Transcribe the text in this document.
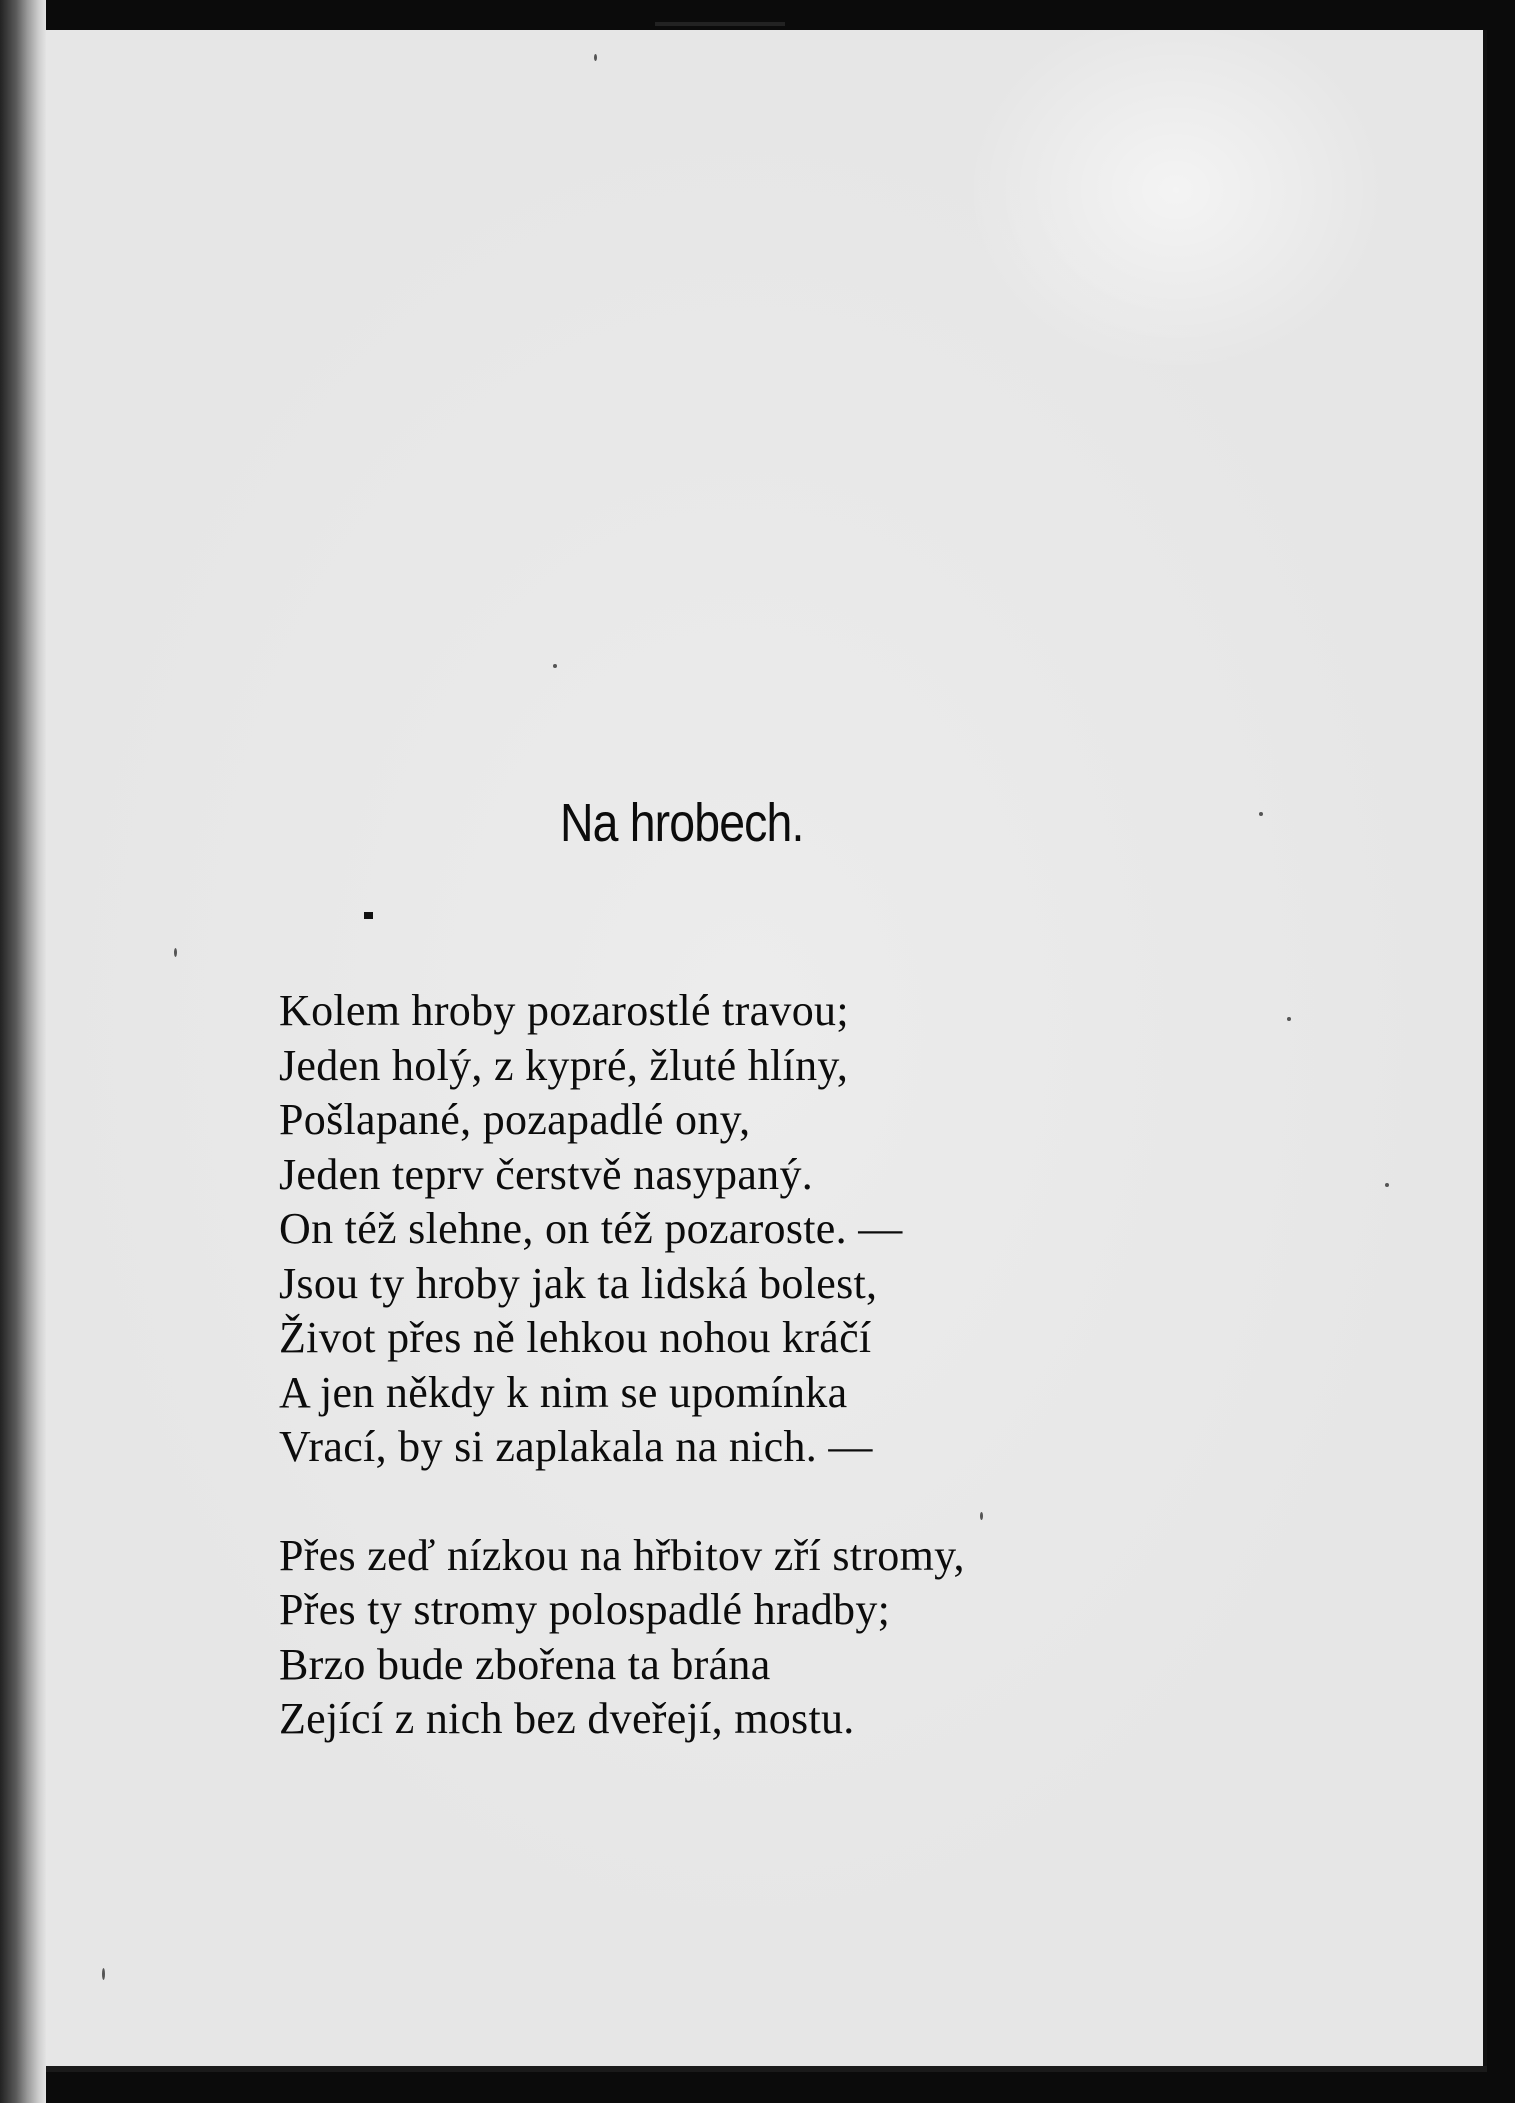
Na hrobech.
Kolem hroby pozarostlé travou;
Jeden holý, z kypré, žluté hlíny,
Pošlapané, pozapadlé ony,
Jeden teprv čerstvě nasypaný.
On též slehne, on též pozaroste. —
Jsou ty hroby jak ta lidská bolest,
Život přes ně lehkou nohou kráčí
A jen někdy k nim se upomínka
Vrací, by si zaplakala na nich. —
Přes zeď nízkou na hřbitov zří stromy,
Přes ty stromy polospadlé hradby;
Brzo bude zbořena ta brána
Zející z nich bez dveřejí, mostu.
